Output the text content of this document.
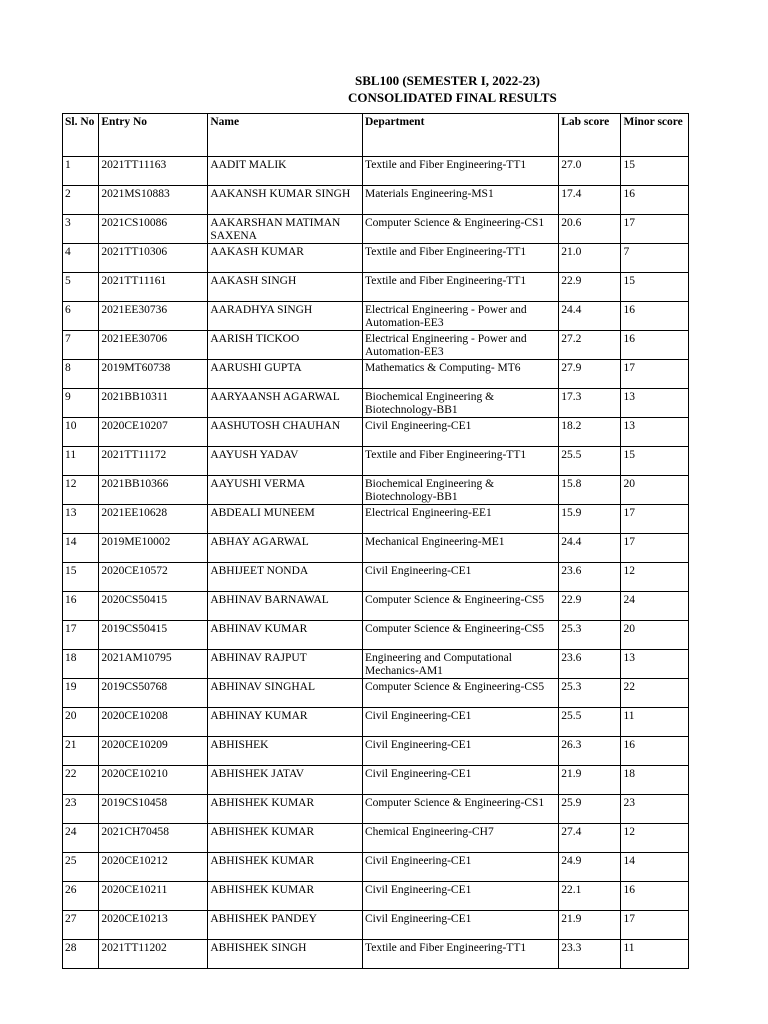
SBL100 (SEMESTER I, 2022-23)
CONSOLIDATED FINAL RESULTS
Sl. No	Entry No	Name	Department	Lab score	Minor score
1	2021TT11163	AADIT MALIK	Textile and Fiber Engineering-TT1	27.0	15
2	2021MS10883	AAKANSH KUMAR SINGH	Materials Engineering-MS1	17.4	16
3	2021CS10086	AAKARSHAN MATIMAN SAXENA	Computer Science & Engineering-CS1	20.6	17
4	2021TT10306	AAKASH KUMAR	Textile and Fiber Engineering-TT1	21.0	7
5	2021TT11161	AAKASH SINGH	Textile and Fiber Engineering-TT1	22.9	15
6	2021EE30736	AARADHYA SINGH	Electrical Engineering - Power and Automation-EE3	24.4	16
7	2021EE30706	AARISH TICKOO	Electrical Engineering - Power and Automation-EE3	27.2	16
8	2019MT60738	AARUSHI GUPTA	Mathematics & Computing- MT6	27.9	17
9	2021BB10311	AARYAANSH AGARWAL	Biochemical Engineering & Biotechnology-BB1	17.3	13
10	2020CE10207	AASHUTOSH CHAUHAN	Civil Engineering-CE1	18.2	13
11	2021TT11172	AAYUSH YADAV	Textile and Fiber Engineering-TT1	25.5	15
12	2021BB10366	AAYUSHI VERMA	Biochemical Engineering & Biotechnology-BB1	15.8	20
13	2021EE10628	ABDEALI MUNEEM	Electrical Engineering-EE1	15.9	17
14	2019ME10002	ABHAY AGARWAL	Mechanical Engineering-ME1	24.4	17
15	2020CE10572	ABHIJEET NONDA	Civil Engineering-CE1	23.6	12
16	2020CS50415	ABHINAV BARNAWAL	Computer Science & Engineering-CS5	22.9	24
17	2019CS50415	ABHINAV KUMAR	Computer Science & Engineering-CS5	25.3	20
18	2021AM10795	ABHINAV RAJPUT	Engineering and Computational Mechanics-AM1	23.6	13
19	2019CS50768	ABHINAV SINGHAL	Computer Science & Engineering-CS5	25.3	22
20	2020CE10208	ABHINAY KUMAR	Civil Engineering-CE1	25.5	11
21	2020CE10209	ABHISHEK	Civil Engineering-CE1	26.3	16
22	2020CE10210	ABHISHEK JATAV	Civil Engineering-CE1	21.9	18
23	2019CS10458	ABHISHEK KUMAR	Computer Science & Engineering-CS1	25.9	23
24	2021CH70458	ABHISHEK KUMAR	Chemical Engineering-CH7	27.4	12
25	2020CE10212	ABHISHEK KUMAR	Civil Engineering-CE1	24.9	14
26	2020CE10211	ABHISHEK KUMAR	Civil Engineering-CE1	22.1	16
27	2020CE10213	ABHISHEK PANDEY	Civil Engineering-CE1	21.9	17
28	2021TT11202	ABHISHEK SINGH	Textile and Fiber Engineering-TT1	23.3	11
